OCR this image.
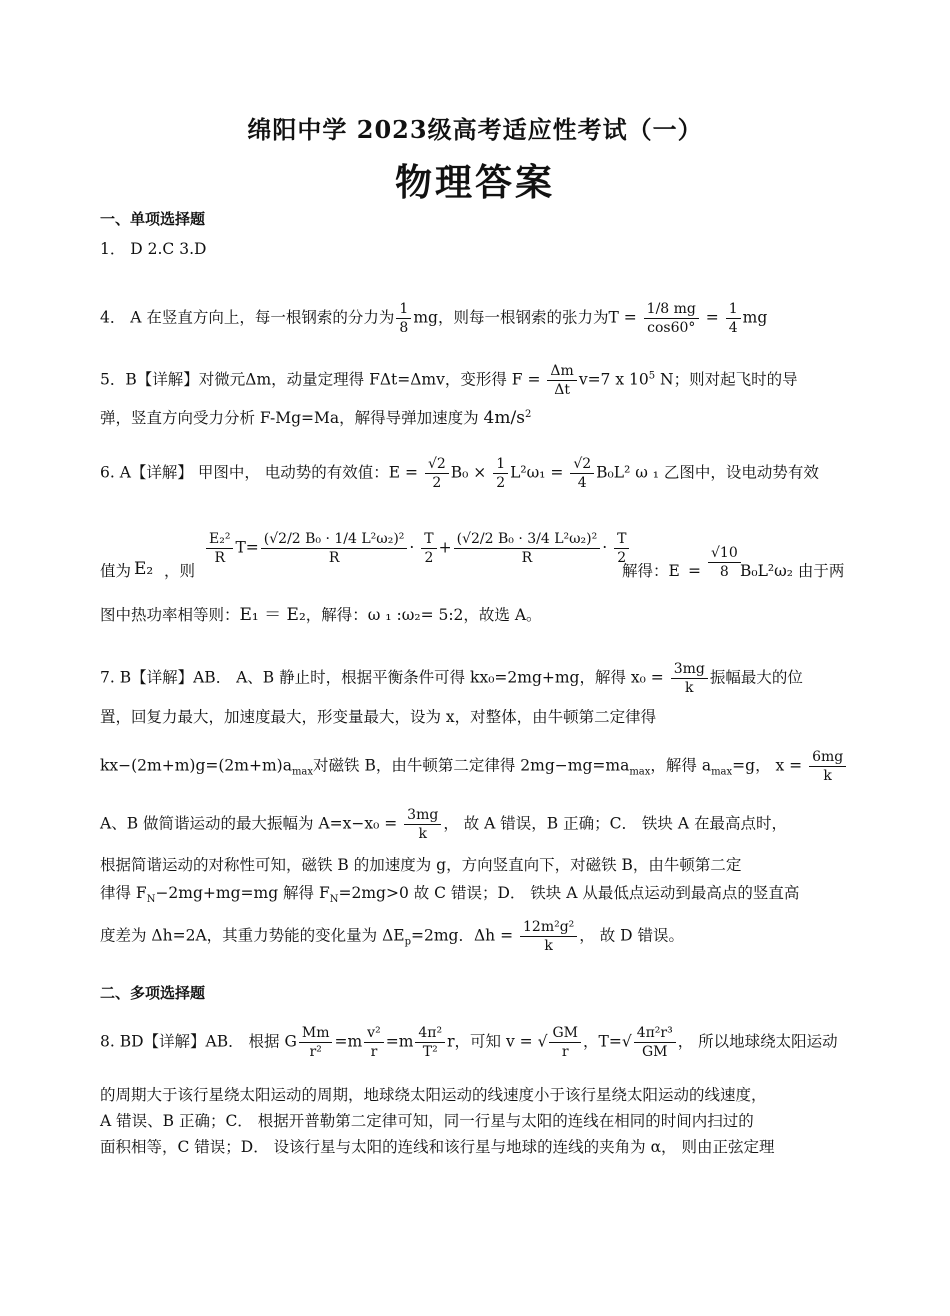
绵阳中学 2023级高考适应性考试（一）
物理答案
一、单项选择题
1． D 2.C 3.D
4． A 在竖直方向上，每一根钢索的分力为 $\frac{1}{8}$ mg，则每一根钢索的张力为$T = \frac{1/8 mg}{\cos 60^\circ} = \frac{1}{4}$ mg
5．B【详解】对微元Δm，动量定理得 FΔt=Δmv，变形得 $F = \frac{\Delta m}{\Delta t} v=7$ x $10^5$ N；则对起飞时的导
弹，竖直方向受力分析 F-Mg=Ma，解得导弹加速度为 $4m/s^2$
6. A【详解】 甲图中， 电动势的有效值：$E = \frac{√2}{2} B_0 \times \frac{1}{2} L^2\omega_1 = \frac{√2}{4} B_0L^2$ ω ₁ 乙图中，设电动势有效
值为 E₂ ，则
$\frac{\text{E₂²}}{R} T= \frac{\text{(√2/2 B₀ · 1/4 L²ω₂)²}}{R} \cdot \frac{T}{2} + \frac{\text{(√2/2 B₀ · 3/4 L²ω₂)²}}{R} \cdot \frac{T}{2}$
解得：E =
√10
8 B₀L²ω₂ 由于两
图中热功率相等则：E₁ ＝ E₂，解得：ω ₁ :ω₂= 5:2，故选 A。
7. B【详解】AB． A、B 静止时，根据平衡条件可得 kx₀=2mg+mg，解得 $x_0 = \frac{3mg}{k}$ 振幅最大的位
置，回复力最大，加速度最大，形变量最大，设为 x，对整体，由牛顿第二定律得
$kx-(2m+m)g=(2m+m)a_{max}$对磁铁 B，由牛顿第二定律得 $2mg-mg=ma_{max}$，解得 $a_{max}=g$， $x = \frac{6mg}{k}$
A、B 做简谐运动的最大振幅为 $A=x-x_0 = \frac{3mg}{k}$ ， 故 A 错误，B 正确；C． 铁块 A 在最高点时，
根据简谐运动的对称性可知，磁铁 B 的加速度为 g，方向竖直向下，对磁铁 B，由牛顿第二定
律得 $F_N-2mg+mg=mg$ 解得 $F_N=2mg>0$ 故 C 错误；D． 铁块 A 从最低点运动到最高点的竖直高
度差为 Δh=2A，其重力势能的变化量为 $\Delta E_p=2mg$．$\Delta h = \frac{\text{12m²g²}}{k}$ ， 故 D 错误。
二、多项选择题
8. BD【详解】AB． 根据 G $\frac{Mm}{\text{r²}} =m \frac{\text{v²}}{r} =m \frac{\text{4π²}}{\text{T²}}$ r，可知 v = √ $\frac{GM}{r}$ ，$T=√ \frac{\text{4π²r³}}{GM}$ ， 所以地球绕太阳运动
的周期大于该行星绕太阳运动的周期，地球绕太阳运动的线速度小于该行星绕太阳运动的线速度，
A 错误、B 正确；C． 根据开普勒第二定律可知，同一行星与太阳的连线在相同的时间内扫过的
面积相等，C 错误；D． 设该行星与太阳的连线和该行星与地球的连线的夹角为 α， 则由正弦定理
